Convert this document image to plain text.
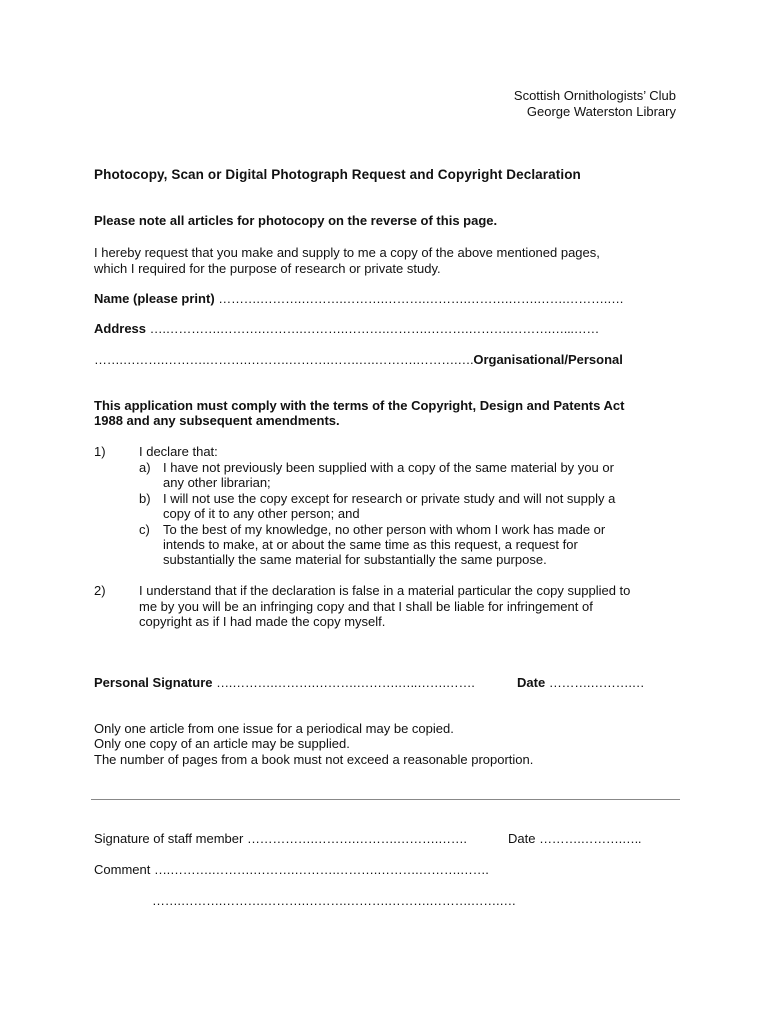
Scottish Ornithologists’ Club

George Waterston Library

Photocopy, Scan or Digital Photograph Request and Copyright Declaration

Please note all articles for photocopy on the reverse of this page.

I hereby request that you make and supply to me a copy of the above mentioned pages,

which I required for the purpose of research or private study.

Name (please print) ……….……….……….……….……….……….……….…….…….……….….

Address ….………….……….……….……….……….……….……….……….……….…...……

…….……….……….……….……….……….…….….……….……….….Organisational/Personal

This application must comply with the terms of the Copyright, Design and Patents Act

1988 and any subsequent amendments.

1)	I declare that:

a) I have not previously been supplied with a copy of the same material by you or

any other librarian;

b) I will not use the copy except for research or private study and will not supply a

copy of it to any other person; and

c) To the best of my knowledge, no other person with whom I work has made or

intends to make, at or about the same time as this request, a request for

substantially the same material for substantially the same purpose.

2)	I understand that if the declaration is false in a material particular the copy supplied to

me by you will be an infringing copy and that I shall be liable for infringement of

copyright as if I had made the copy myself.

Personal Signature ….……….……….……….……….…..…….…….	Date ……….……….…

Only one article from one issue for a periodical may be copied.

Only one copy of an article may be supplied.

The number of pages from a book must not exceed a reasonable proportion.

Signature of staff member …………….……….……….……….…….	Date ……….……….…..

Comment ….……….……….……….……….……….……….……….…….

…….……….……….……….……….……….……….……….…….….
